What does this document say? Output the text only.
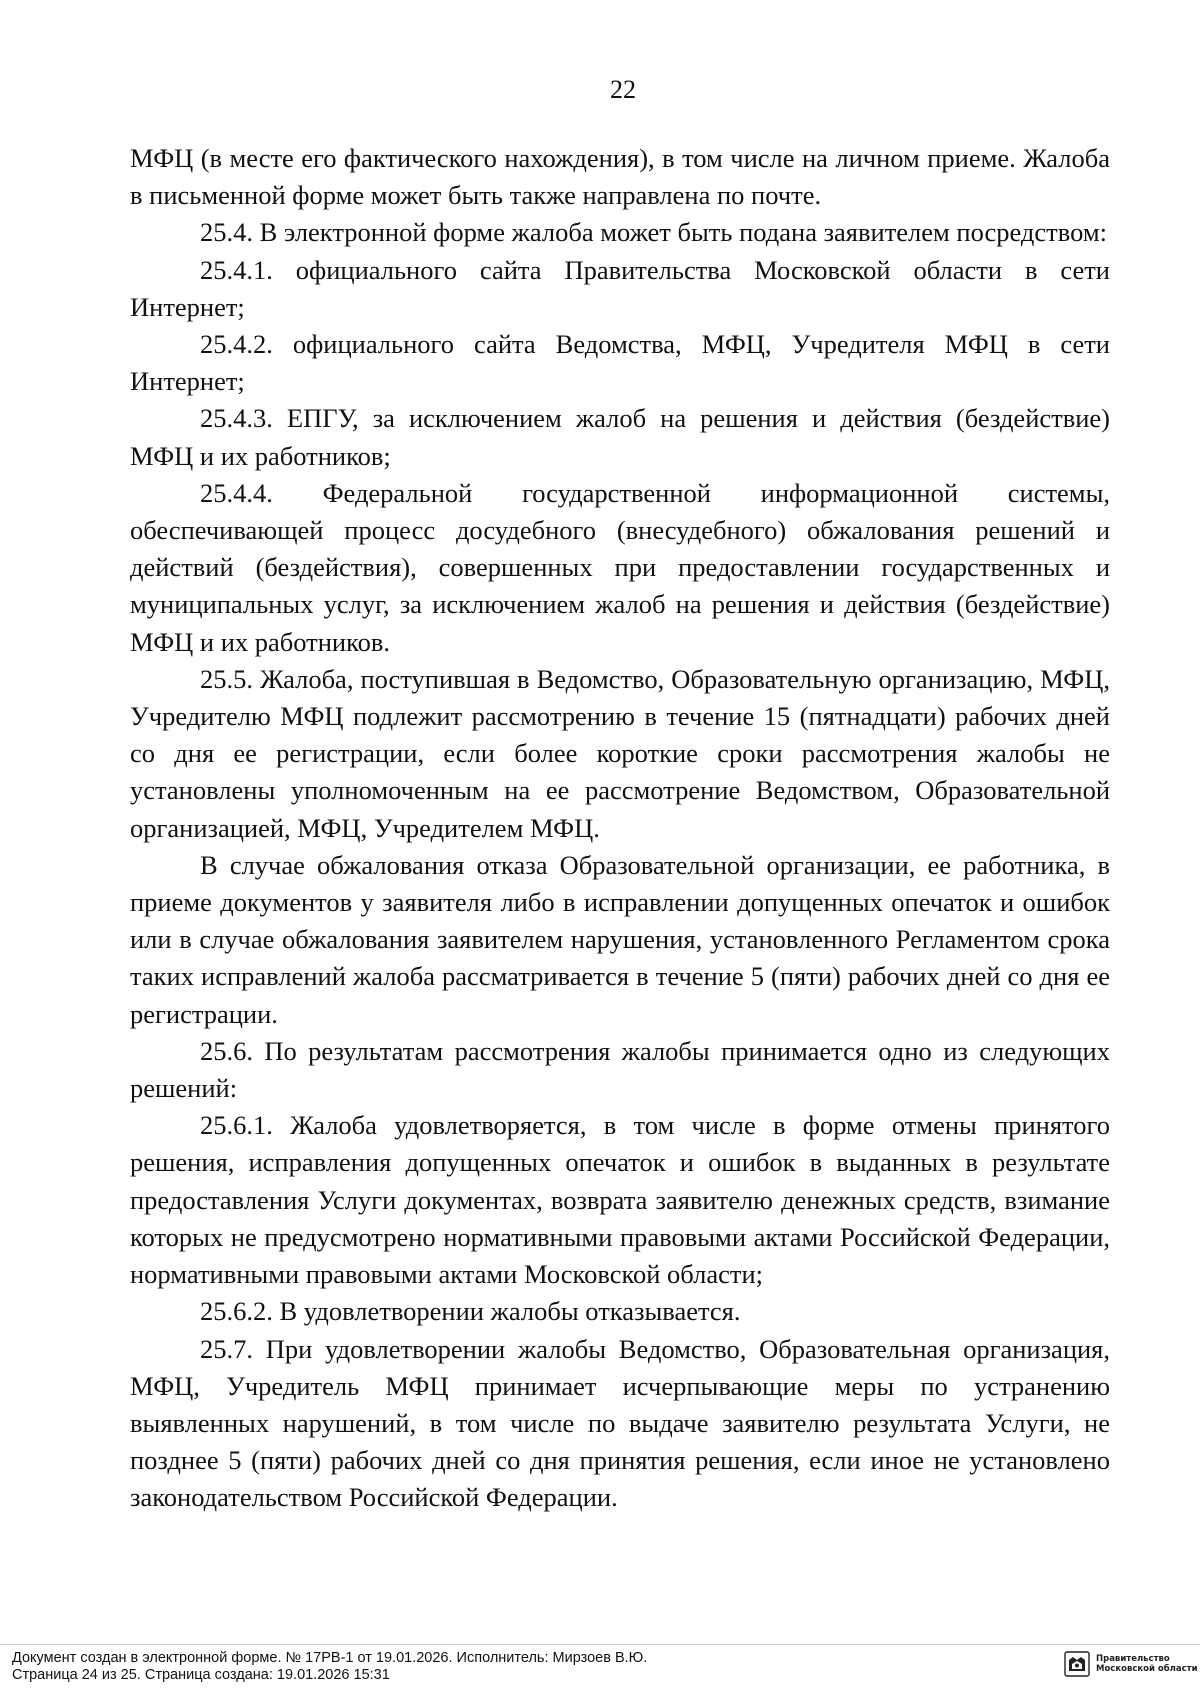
22

МФЦ (в месте его фактического нахождения), в том числе на личном приеме. Жалоба в письменной форме может быть также направлена по почте.

25.4. В электронной форме жалоба может быть подана заявителем посредством:

25.4.1. официального сайта Правительства Московской области в сети Интернет;

25.4.2. официального сайта Ведомства, МФЦ, Учредителя МФЦ в сети Интернет;

25.4.3. ЕПГУ, за исключением жалоб на решения и действия (бездействие) МФЦ и их работников;

25.4.4. Федеральной государственной информационной системы, обеспечивающей процесс досудебного (внесудебного) обжалования решений и действий (бездействия), совершенных при предоставлении государственных и муниципальных услуг, за исключением жалоб на решения и действия (бездействие) МФЦ и их работников.

25.5. Жалоба, поступившая в Ведомство, Образовательную организацию, МФЦ, Учредителю МФЦ подлежит рассмотрению в течение 15 (пятнадцати) рабочих дней со дня ее регистрации, если более короткие сроки рассмотрения жалобы не установлены уполномоченным на ее рассмотрение Ведомством, Образовательной организацией, МФЦ, Учредителем МФЦ.

В случае обжалования отказа Образовательной организации, ее работника, в приеме документов у заявителя либо в исправлении допущенных опечаток и ошибок или в случае обжалования заявителем нарушения, установленного Регламентом срока таких исправлений жалоба рассматривается в течение 5 (пяти) рабочих дней со дня ее регистрации.

25.6. По результатам рассмотрения жалобы принимается одно из следующих решений:

25.6.1. Жалоба удовлетворяется, в том числе в форме отмены принятого решения, исправления допущенных опечаток и ошибок в выданных в результате предоставления Услуги документах, возврата заявителю денежных средств, взимание которых не предусмотрено нормативными правовыми актами Российской Федерации, нормативными правовыми актами Московской области;

25.6.2. В удовлетворении жалобы отказывается.

25.7. При удовлетворении жалобы Ведомство, Образовательная организация, МФЦ, Учредитель МФЦ принимает исчерпывающие меры по устранению выявленных нарушений, в том числе по выдаче заявителю результата Услуги, не позднее 5 (пяти) рабочих дней со дня принятия решения, если иное не установлено законодательством Российской Федерации.

Документ создан в электронной форме. № 17РВ-1 от 19.01.2026. Исполнитель: Мирзоев В.Ю.
Страница 24 из 25. Страница создана: 19.01.2026 15:31
Правительство
Московской области
